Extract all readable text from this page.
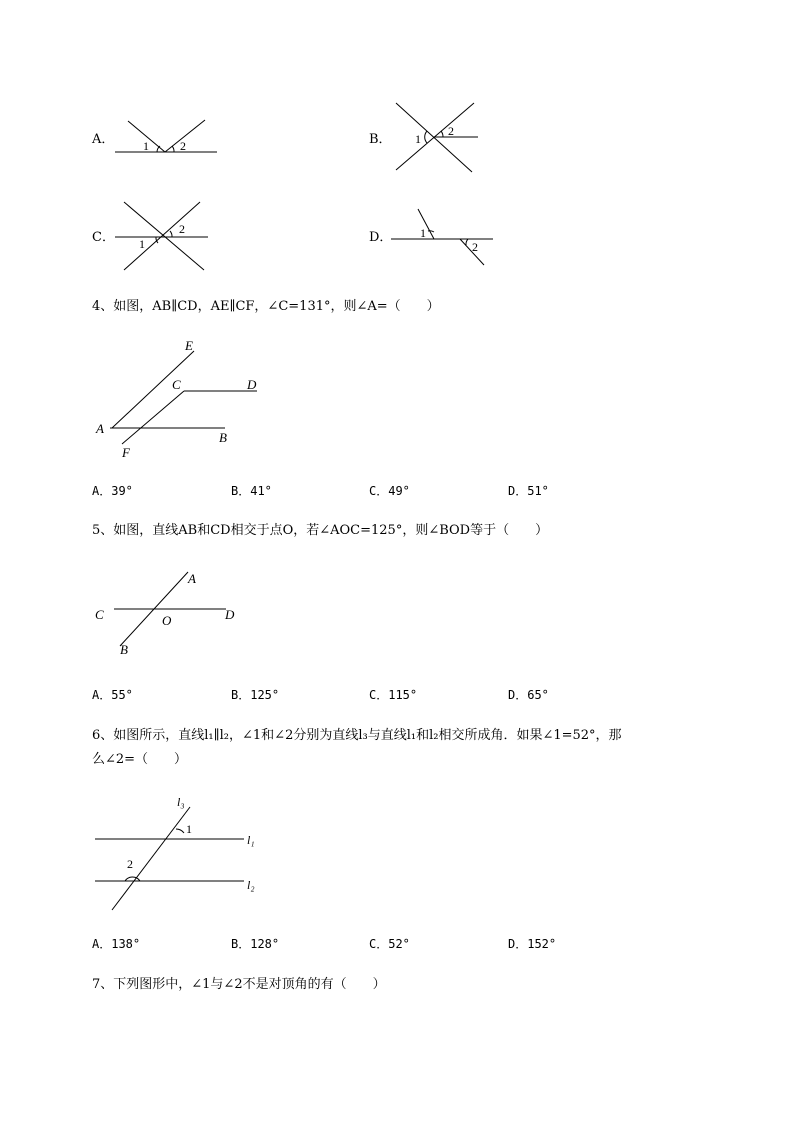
A． 1	2	B． 1
2
C．
2
1	D． 1
2
4、如图，AB∥CD，AE∥CF，∠C=131°，则∠A=（　　）
E
C	D
A
B
F
A．39°	B．41°	C．49°	D．51°
5、如图，直线AB和CD相交于点O，若∠AOC=125°，则∠BOD等于（　　）
A
C	O	D
B
A．55°	B．125°	C．115°	D．65°
6、如图所示，直线l₁∥l₂，∠1和∠2分别为直线l₃与直线l₁和l₂相交所成角．如果∠1=52°，那
么∠2=（　　）
l₃
1
l₁
2
l₂
A．138°	B．128°	C．52°	D．152°
7、下列图形中，∠1与∠2不是对顶角的有（　　）
